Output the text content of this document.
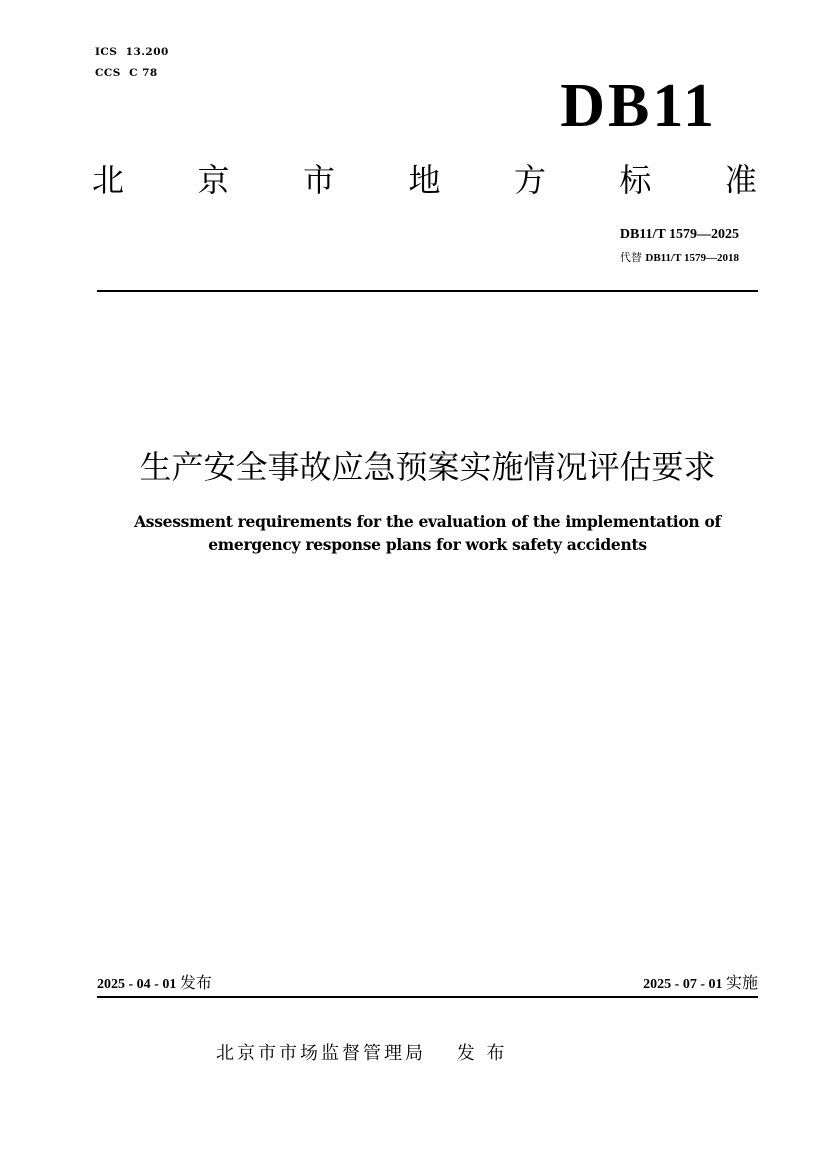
ICS  13.200
CCS  C 78	DB11
北 京 市 地 方 标 准
DB11/T 1579—2025
代替 DB11/T 1579—2018
生产安全事故应急预案实施情况评估要求
Assessment requirements for the evaluation of the implementation of
emergency response plans for work safety accidents
2025 - 04 - 01 发布	2025 - 07 - 01 实施
北京市市场监督管理局 发 布
